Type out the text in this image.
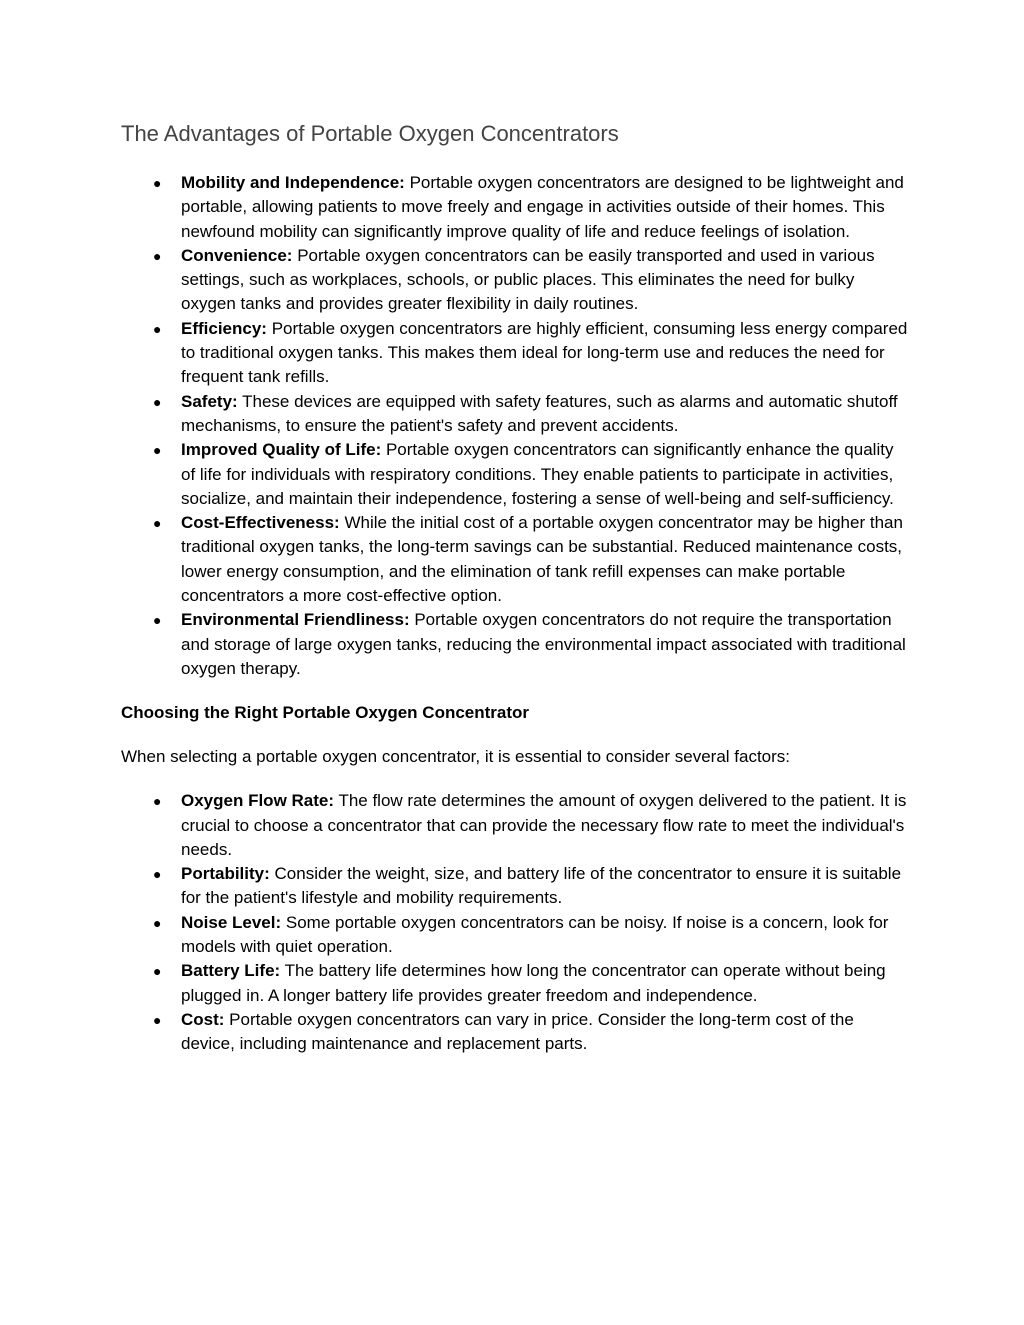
The Advantages of Portable Oxygen Concentrators
● Mobility and Independence: Portable oxygen concentrators are designed to be lightweight and portable, allowing patients to move freely and engage in activities outside of their homes. This newfound mobility can significantly improve quality of life and reduce feelings of isolation.
● Convenience: Portable oxygen concentrators can be easily transported and used in various settings, such as workplaces, schools, or public places. This eliminates the need for bulky oxygen tanks and provides greater flexibility in daily routines.
● Efficiency: Portable oxygen concentrators are highly efficient, consuming less energy compared to traditional oxygen tanks. This makes them ideal for long-term use and reduces the need for frequent tank refills.
● Safety: These devices are equipped with safety features, such as alarms and automatic shutoff mechanisms, to ensure the patient's safety and prevent accidents.
● Improved Quality of Life: Portable oxygen concentrators can significantly enhance the quality of life for individuals with respiratory conditions. They enable patients to participate in activities, socialize, and maintain their independence, fostering a sense of well-being and self-sufficiency.
● Cost-Effectiveness: While the initial cost of a portable oxygen concentrator may be higher than traditional oxygen tanks, the long-term savings can be substantial. Reduced maintenance costs, lower energy consumption, and the elimination of tank refill expenses can make portable concentrators a more cost-effective option.
● Environmental Friendliness: Portable oxygen concentrators do not require the transportation and storage of large oxygen tanks, reducing the environmental impact associated with traditional oxygen therapy.
Choosing the Right Portable Oxygen Concentrator
When selecting a portable oxygen concentrator, it is essential to consider several factors:
● Oxygen Flow Rate: The flow rate determines the amount of oxygen delivered to the patient. It is crucial to choose a concentrator that can provide the necessary flow rate to meet the individual's needs.
● Portability: Consider the weight, size, and battery life of the concentrator to ensure it is suitable for the patient's lifestyle and mobility requirements.
● Noise Level: Some portable oxygen concentrators can be noisy. If noise is a concern, look for models with quiet operation.
● Battery Life: The battery life determines how long the concentrator can operate without being plugged in. A longer battery life provides greater freedom and independence.
● Cost: Portable oxygen concentrators can vary in price. Consider the long-term cost of the device, including maintenance and replacement parts.
